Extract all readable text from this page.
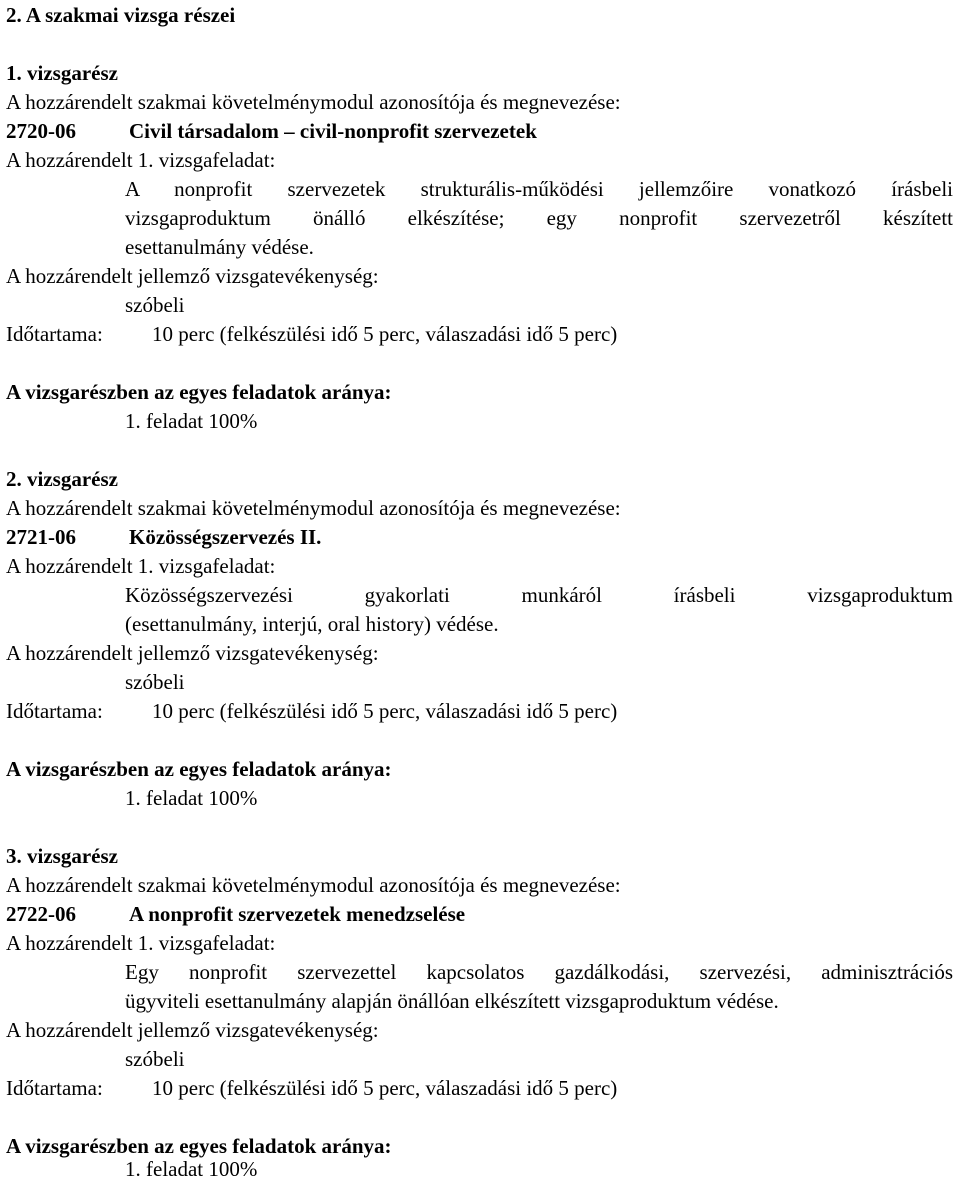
2. A szakmai vizsga részei
1. vizsgarész
A hozzárendelt szakmai követelménymodul azonosítója és megnevezése:
2720-06	Civil társadalom – civil-nonprofit szervezetek
A hozzárendelt 1. vizsgafeladat:
A nonprofit szervezetek strukturális-működési jellemzőire vonatkozó írásbeli
vizsgaproduktum önálló elkészítése; egy nonprofit szervezetről készített
esettanulmány védése.
A hozzárendelt jellemző vizsgatevékenység:
szóbeli
Időtartama: 10 perc (felkészülési idő 5 perc, válaszadási idő 5 perc)
A vizsgarészben az egyes feladatok aránya:
1. feladat 100%
2. vizsgarész
A hozzárendelt szakmai követelménymodul azonosítója és megnevezése:
2721-06	Közösségszervezés II.
A hozzárendelt 1. vizsgafeladat:
Közösségszervezési gyakorlati munkáról írásbeli vizsgaproduktum
(esettanulmány, interjú, oral history) védése.
A hozzárendelt jellemző vizsgatevékenység:
szóbeli
Időtartama: 10 perc (felkészülési idő 5 perc, válaszadási idő 5 perc)
A vizsgarészben az egyes feladatok aránya:
1. feladat 100%
3. vizsgarész
A hozzárendelt szakmai követelménymodul azonosítója és megnevezése:
2722-06	A nonprofit szervezetek menedzselése
A hozzárendelt 1. vizsgafeladat:
Egy nonprofit szervezettel kapcsolatos gazdálkodási, szervezési, adminisztrációs
ügyviteli esettanulmány alapján önállóan elkészített vizsgaproduktum védése.
A hozzárendelt jellemző vizsgatevékenység:
szóbeli
Időtartama: 10 perc (felkészülési idő 5 perc, válaszadási idő 5 perc)
A vizsgarészben az egyes feladatok aránya:
1. feladat 100%
